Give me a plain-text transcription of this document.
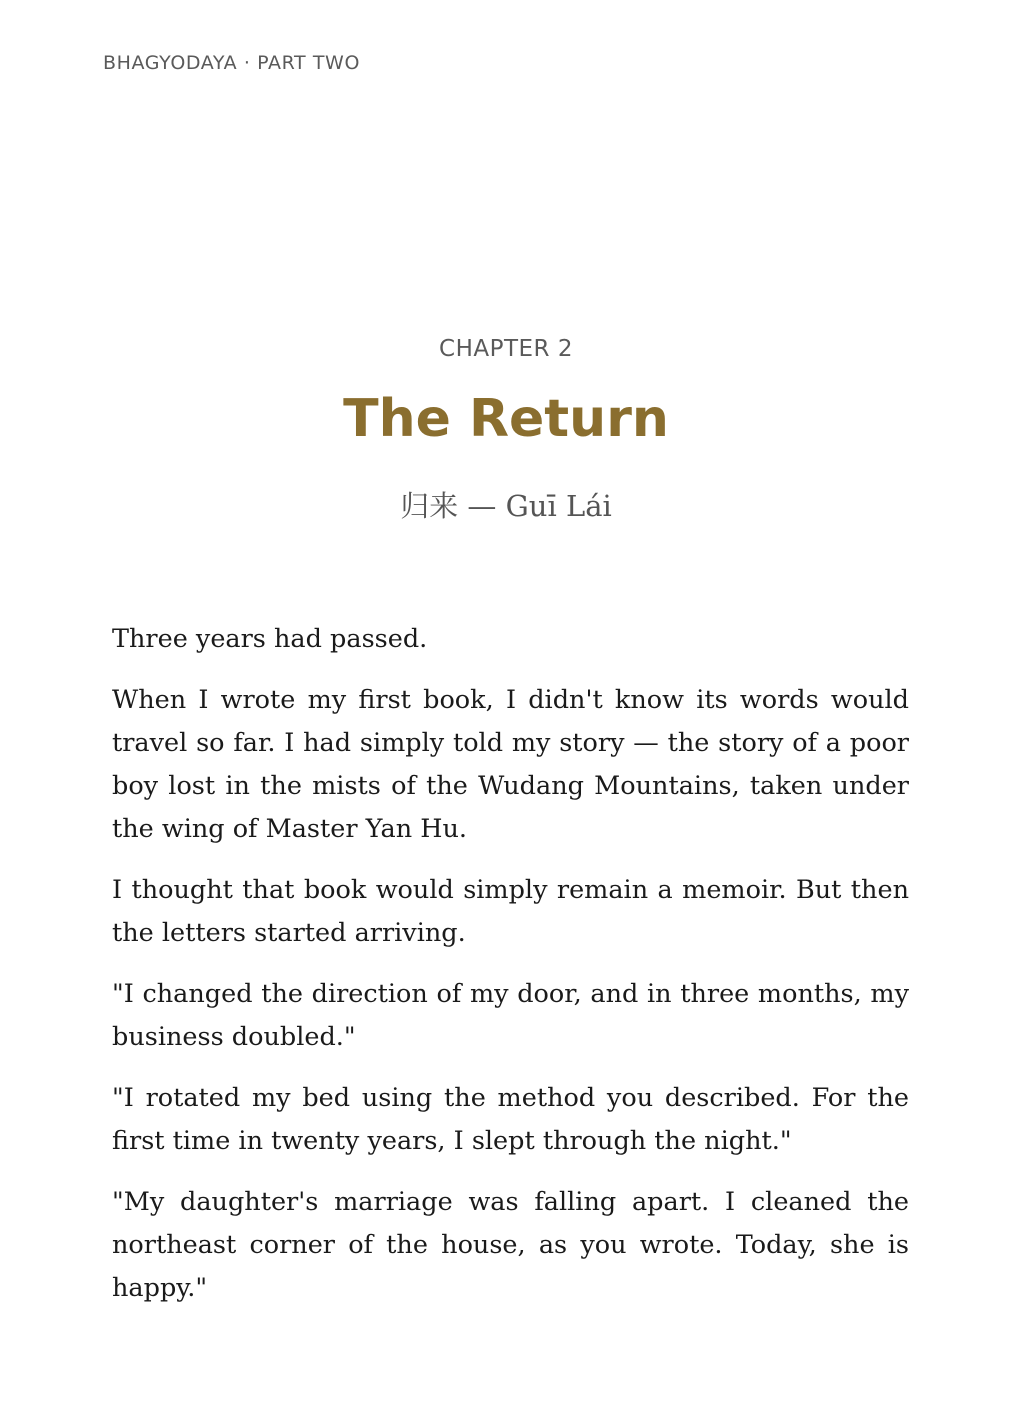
BHAGYODAYA · PART TWO
CHAPTER 2
The Return
归来 — Guī Lái

Three years had passed.

When I wrote my first book, I didn't know its words would travel so far. I had simply told my story — the story of a poor boy lost in the mists of the Wudang Mountains, taken under the wing of Master Yan Hu.

I thought that book would simply remain a memoir. But then the letters started arriving.

"I changed the direction of my door, and in three months, my business doubled."

"I rotated my bed using the method you described. For the first time in twenty years, I slept through the night."

"My daughter's marriage was falling apart. I cleaned the northeast corner of the house, as you wrote. Today, she is happy."
